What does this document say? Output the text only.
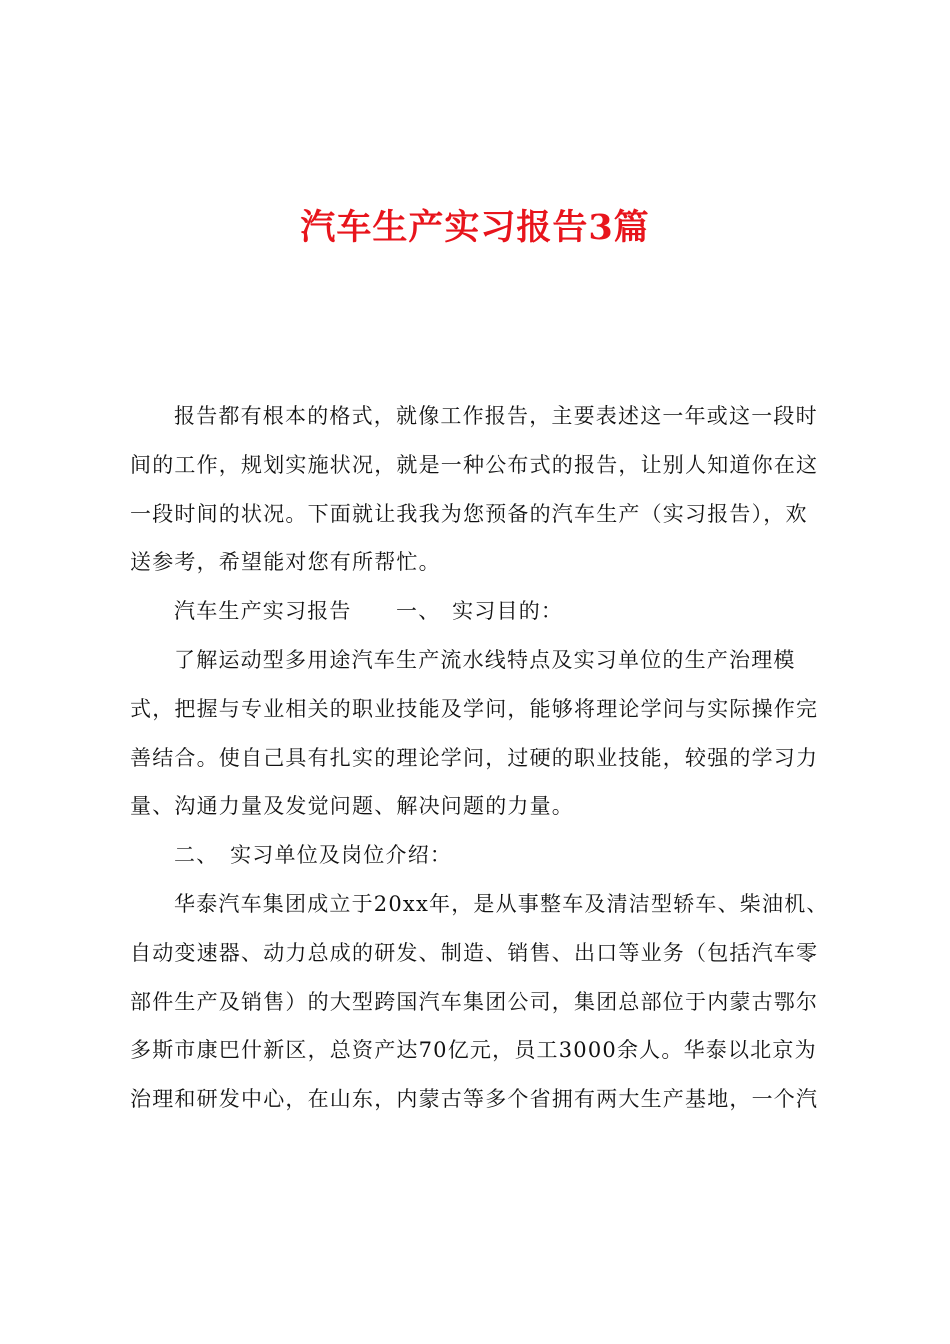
汽车生产实习报告3篇
报告都有根本的格式，就像工作报告，主要表述这一年或这一段时
间的工作，规划实施状况，就是一种公布式的报告，让别人知道你在这
一段时间的状况。下面就让我我为您预备的汽车生产（实习报告），欢
送参考，希望能对您有所帮忙。
汽车生产实习报告　　一、　实习目的：
了解运动型多用途汽车生产流水线特点及实习单位的生产治理模
式，把握与专业相关的职业技能及学问，能够将理论学问与实际操作完
善结合。使自己具有扎实的理论学问，过硬的职业技能，较强的学习力
量、沟通力量及发觉问题、解决问题的力量。
二、　实习单位及岗位介绍：
华泰汽车集团成立于20xx年，是从事整车及清洁型轿车、柴油机、
自动变速器、动力总成的研发、制造、销售、出口等业务（包括汽车零
部件生产及销售）的大型跨国汽车集团公司，集团总部位于内蒙古鄂尔
多斯市康巴什新区，总资产达70亿元，员工3000余人。华泰以北京为
治理和研发中心，在山东，内蒙古等多个省拥有两大生产基地，一个汽
